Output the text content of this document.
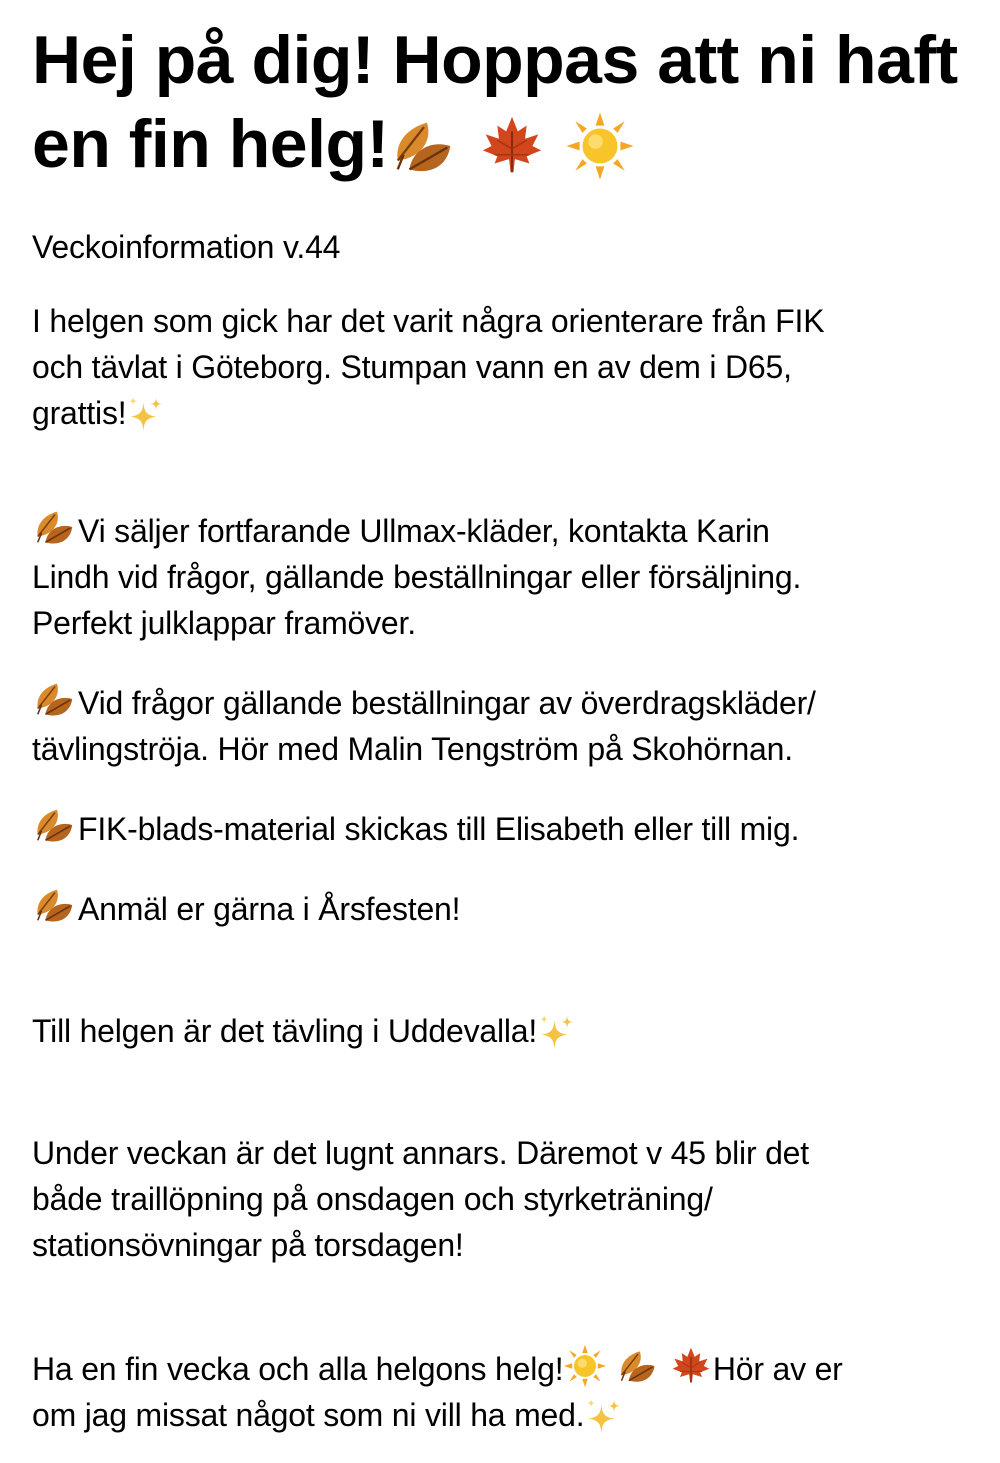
Hej på dig! Hoppas att ni haft
en fin helg!

Veckoinformation v.44

I helgen som gick har det varit några orienterare från FIK
och tävlat i Göteborg. Stumpan vann en av dem i D65,
grattis!

Vi säljer fortfarande Ullmax-kläder, kontakta Karin
Lindh vid frågor, gällande beställningar eller försäljning.
Perfekt julklappar framöver.

Vid frågor gällande beställningar av överdragskläder/
tävlingströja. Hör med Malin Tengström på Skohörnan.

FIK-blads-material skickas till Elisabeth eller till mig.

Anmäl er gärna i Årsfesten!

Till helgen är det tävling i Uddevalla!

Under veckan är det lugnt annars. Däremot v 45 blir det
både traillöpning på onsdagen och styrketräning/
stationsövningar på torsdagen!

Ha en fin vecka och alla helgons helg!

	Hör av er
om jag missat något som ni vill ha med.
